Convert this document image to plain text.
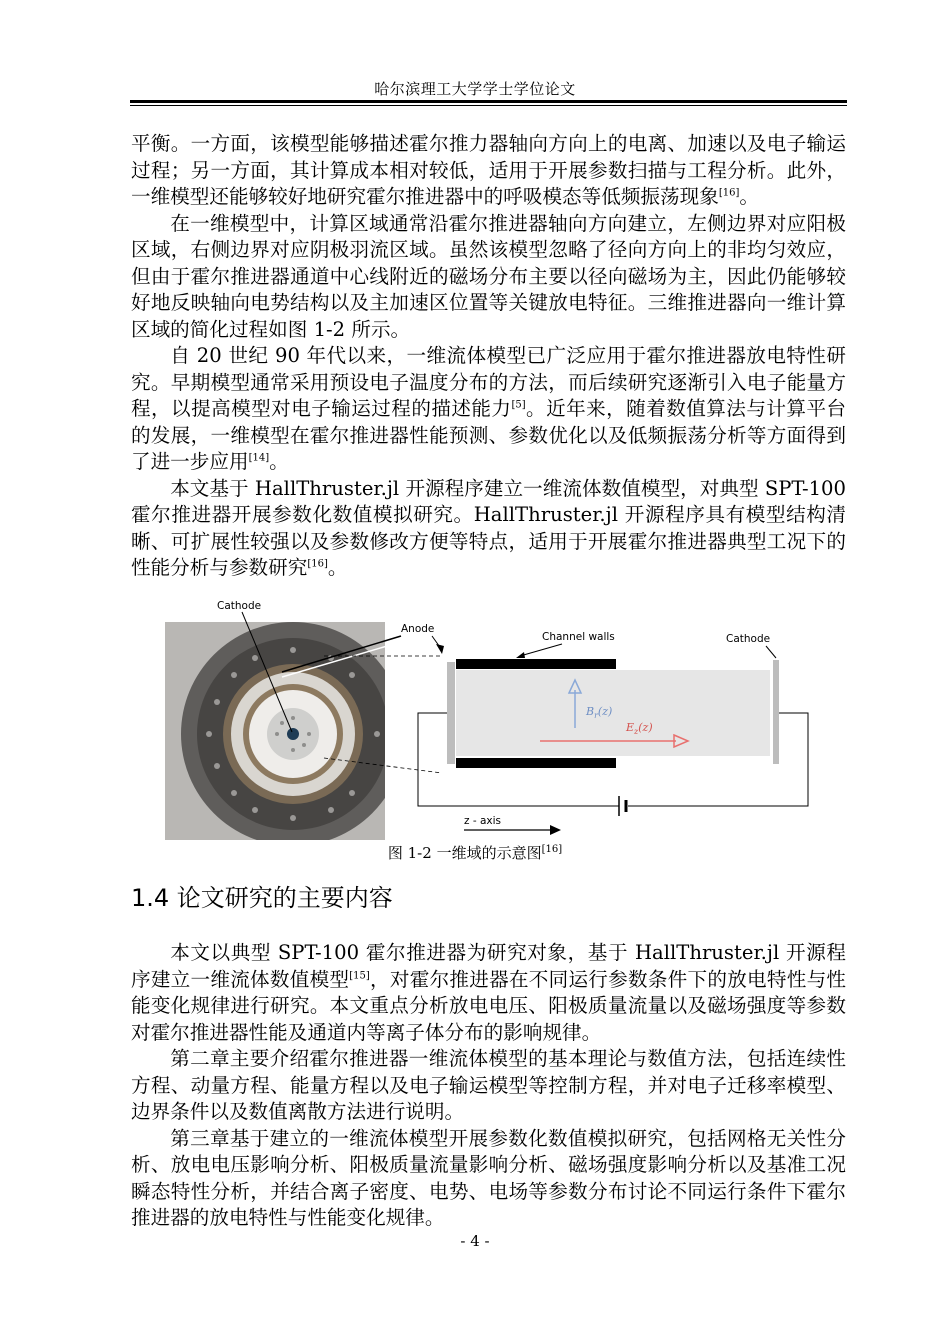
哈尔滨理工大学学士学位论文

平衡。一方面，该模型能够描述霍尔推力器轴向方向上的电离、加速以及电子输运过程；另一方面，其计算成本相对较低，适用于开展参数扫描与工程分析。此外，一维模型还能够较好地研究霍尔推进器中的呼吸模态等低频振荡现象[16]。

在一维模型中，计算区域通常沿霍尔推进器轴向方向建立，左侧边界对应阳极区域，右侧边界对应阴极羽流区域。虽然该模型忽略了径向方向上的非均匀效应，但由于霍尔推进器通道中心线附近的磁场分布主要以径向磁场为主，因此仍能够较好地反映轴向电势结构以及主加速区位置等关键放电特征。三维推进器向一维计算区域的简化过程如图 1-2 所示。

自 20 世纪 90 年代以来，一维流体模型已广泛应用于霍尔推进器放电特性研究。早期模型通常采用预设电子温度分布的方法，而后续研究逐渐引入电子能量方程，以提高模型对电子输运过程的描述能力[5]。近年来，随着数值算法与计算平台的发展，一维模型在霍尔推进器性能预测、参数优化以及低频振荡分析等方面得到了进一步应用[14]。

本文基于 HallThruster.jl 开源程序建立一维流体数值模型，对典型 SPT-100 霍尔推进器开展参数化数值模拟研究。HallThruster.jl 开源程序具有模型结构清晰、可扩展性较强以及参数修改方便等特点，适用于开展霍尔推进器典型工况下的性能分析与参数研究[16]。

Cathode
Anode
Channel walls	Cathode
$B_r(z)$
$E_z(z)$
z - axis
图 1-2 一维域的示意图[16]
1.4 论文研究的主要内容

本文以典型 SPT-100 霍尔推进器为研究对象，基于 HallThruster.jl 开源程序建立一维流体数值模型[15]，对霍尔推进器在不同运行参数条件下的放电特性与性能变化规律进行研究。本文重点分析放电电压、阳极质量流量以及磁场强度等参数对霍尔推进器性能及通道内等离子体分布的影响规律。

第二章主要介绍霍尔推进器一维流体模型的基本理论与数值方法，包括连续性方程、动量方程、能量方程以及电子输运模型等控制方程，并对电子迁移率模型、边界条件以及数值离散方法进行说明。

第三章基于建立的一维流体模型开展参数化数值模拟研究，包括网格无关性分析、放电电压影响分析、阳极质量流量影响分析、磁场强度影响分析以及基准工况瞬态特性分析，并结合离子密度、电势、电场等参数分布讨论不同运行条件下霍尔推进器的放电特性与性能变化规律。

- 4 -
